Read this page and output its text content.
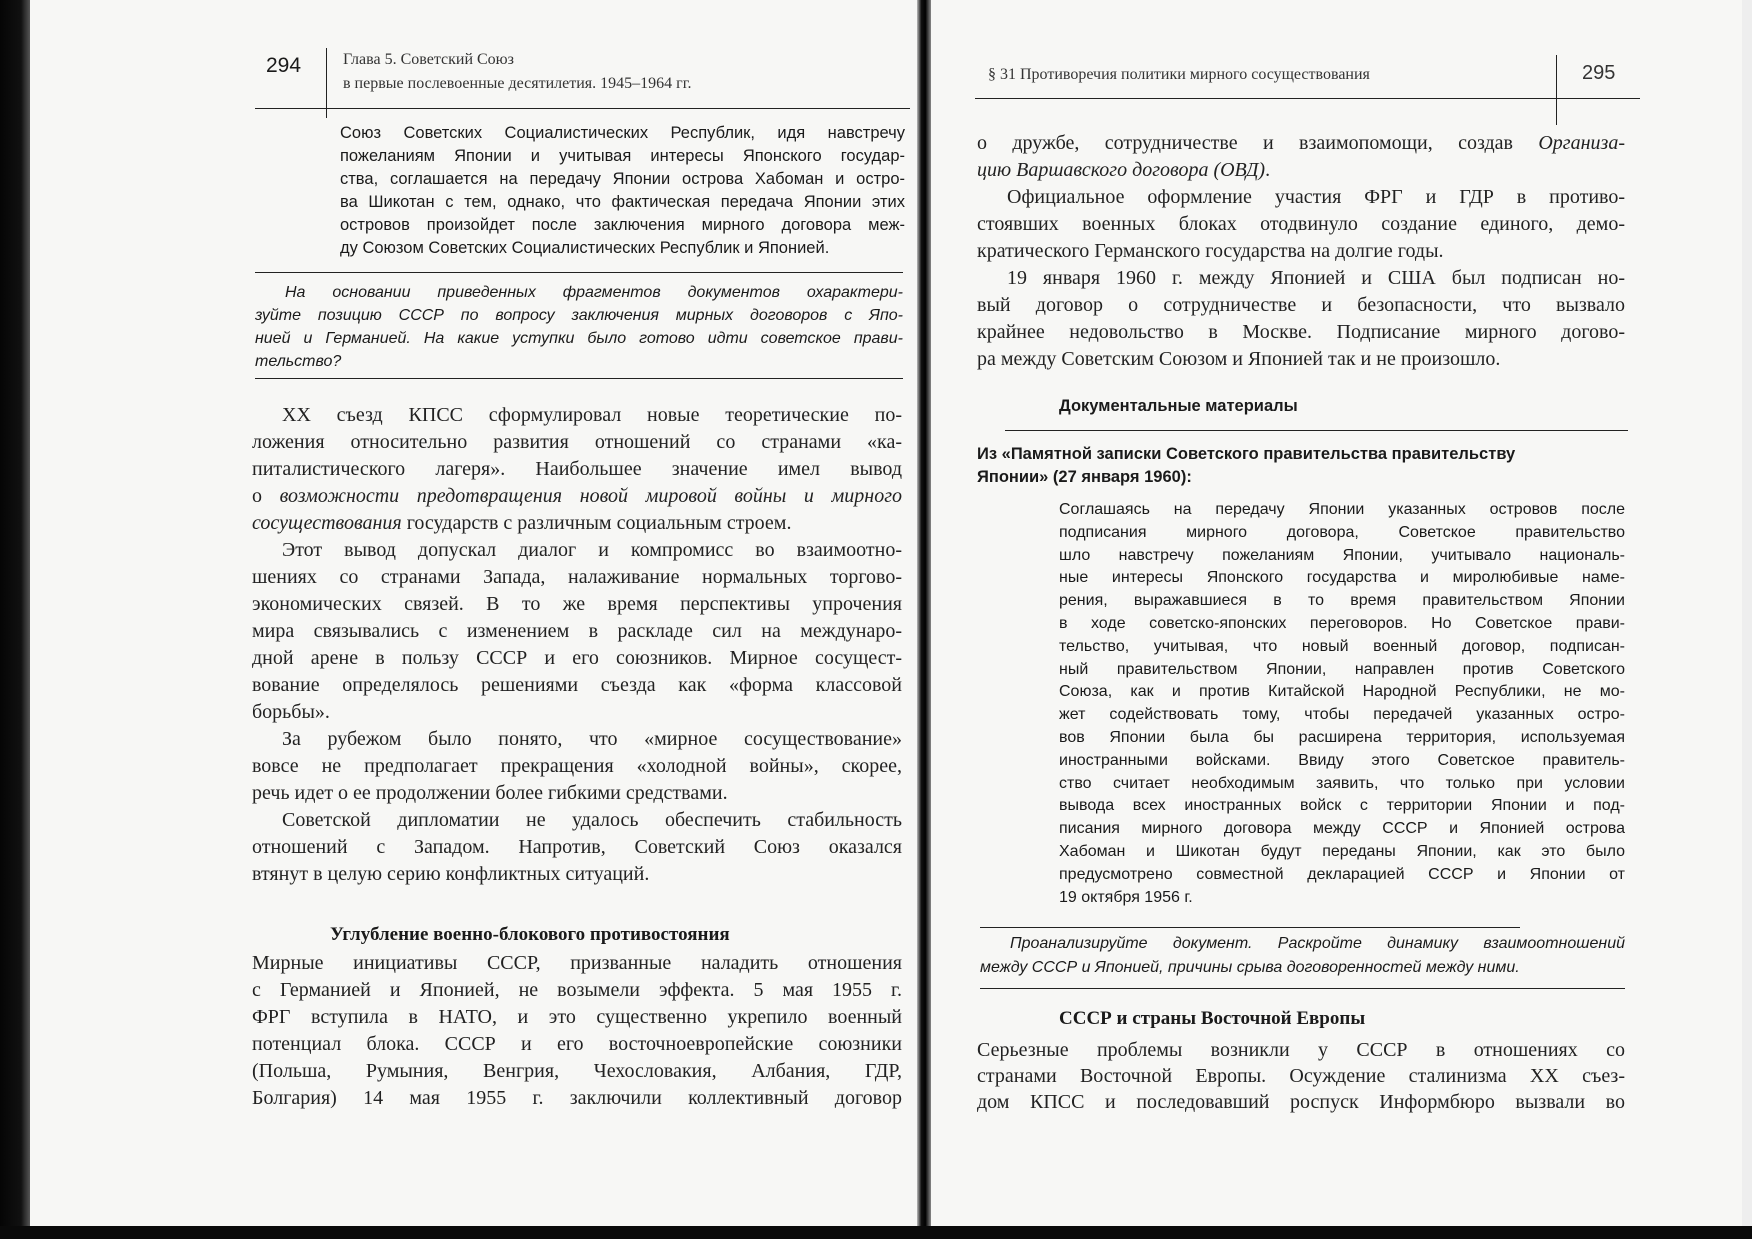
294	Глава 5. Советский Союз
в первые послевоенные десятилетия. 1945–1964 гг.
Союз Советских Социалистических Республик, идя навстречу
пожеланиям Японии и учитывая интересы Японского государ-
ства, соглашается на передачу Японии острова Хабоман и остро-
ва Шикотан с тем, однако, что фактическая передача Японии этих
островов произойдет после заключения мирного договора меж-
ду Союзом Советских Социалистических Республик и Японией.
На основании приведенных фрагментов документов охарактери-
зуйте позицию СССР по вопросу заключения мирных договоров с Япо-
нией и Германией. На какие уступки было готово идти советское прави-
тельство?
XX съезд КПСС сформулировал новые теоретические по-
ложения относительно развития отношений со странами «ка-
питалистического лагеря». Наибольшее значение имел вывод
о возможности предотвращения новой мировой войны и мирного
сосуществования государств с различным социальным строем.
Этот вывод допускал диалог и компромисс во взаимоотно-
шениях со странами Запада, налаживание нормальных торгово-
экономических связей. В то же время перспективы упрочения
мира связывались с изменением в раскладе сил на междунаро-
дной арене в пользу СССР и его союзников. Мирное сосущест-
вование определялось решениями съезда как «форма классовой
борьбы».
За рубежом было понято, что «мирное сосуществование»
вовсе не предполагает прекращения «холодной войны», скорее,
речь идет о ее продолжении более гибкими средствами.
Советской дипломатии не удалось обеспечить стабильность
отношений с Западом. Напротив, Советский Союз оказался
втянут в целую серию конфликтных ситуаций.
Углубление военно-блокового противостояния
Мирные инициативы СССР, призванные наладить отношения
с Германией и Японией, не возымели эффекта. 5 мая 1955 г.
ФРГ вступила в НАТО, и это существенно укрепило военный
потенциал блока. СССР и его восточноевропейские союзники
(Польша, Румыния, Венгрия, Чехословакия, Албания, ГДР,
Болгария) 14 мая 1955 г. заключили коллективный договор
§ 31 Противоречия политики мирного сосуществования	295
о дружбе, сотрудничестве и взаимопомощи, создав Организа-
цию Варшавского договора (ОВД).
Официальное оформление участия ФРГ и ГДР в противо-
стоявших военных блоках отодвинуло создание единого, демо-
кратического Германского государства на долгие годы.
19 января 1960 г. между Японией и США был подписан но-
вый договор о сотрудничестве и безопасности, что вызвало
крайнее недовольство в Москве. Подписание мирного догово-
ра между Советским Союзом и Японией так и не произошло.
Документальные материалы
Из «Памятной записки Советского правительства правительству
Японии» (27 января 1960):
Соглашаясь на передачу Японии указанных островов после
подписания мирного договора, Советское правительство
шло навстречу пожеланиям Японии, учитывало националь-
ные интересы Японского государства и миролюбивые наме-
рения, выражавшиеся в то время правительством Японии
в ходе советско-японских переговоров. Но Советское прави-
тельство, учитывая, что новый военный договор, подписан-
ный правительством Японии, направлен против Советского
Союза, как и против Китайской Народной Республики, не мо-
жет содействовать тому, чтобы передачей указанных остро-
вов Японии была бы расширена территория, используемая
иностранными войсками. Ввиду этого Советское правитель-
ство считает необходимым заявить, что только при условии
вывода всех иностранных войск с территории Японии и под-
писания мирного договора между СССР и Японией острова
Хабоман и Шикотан будут переданы Японии, как это было
предусмотрено совместной декларацией СССР и Японии от
19 октября 1956 г.
Проанализируйте документ. Раскройте динамику взаимоотношений
между СССР и Японией, причины срыва договоренностей между ними.
СССР и страны Восточной Европы
Серьезные проблемы возникли у СССР в отношениях со
странами Восточной Европы. Осуждение сталинизма XX съез-
дом КПСС и последовавший роспуск Информбюро вызвали во
